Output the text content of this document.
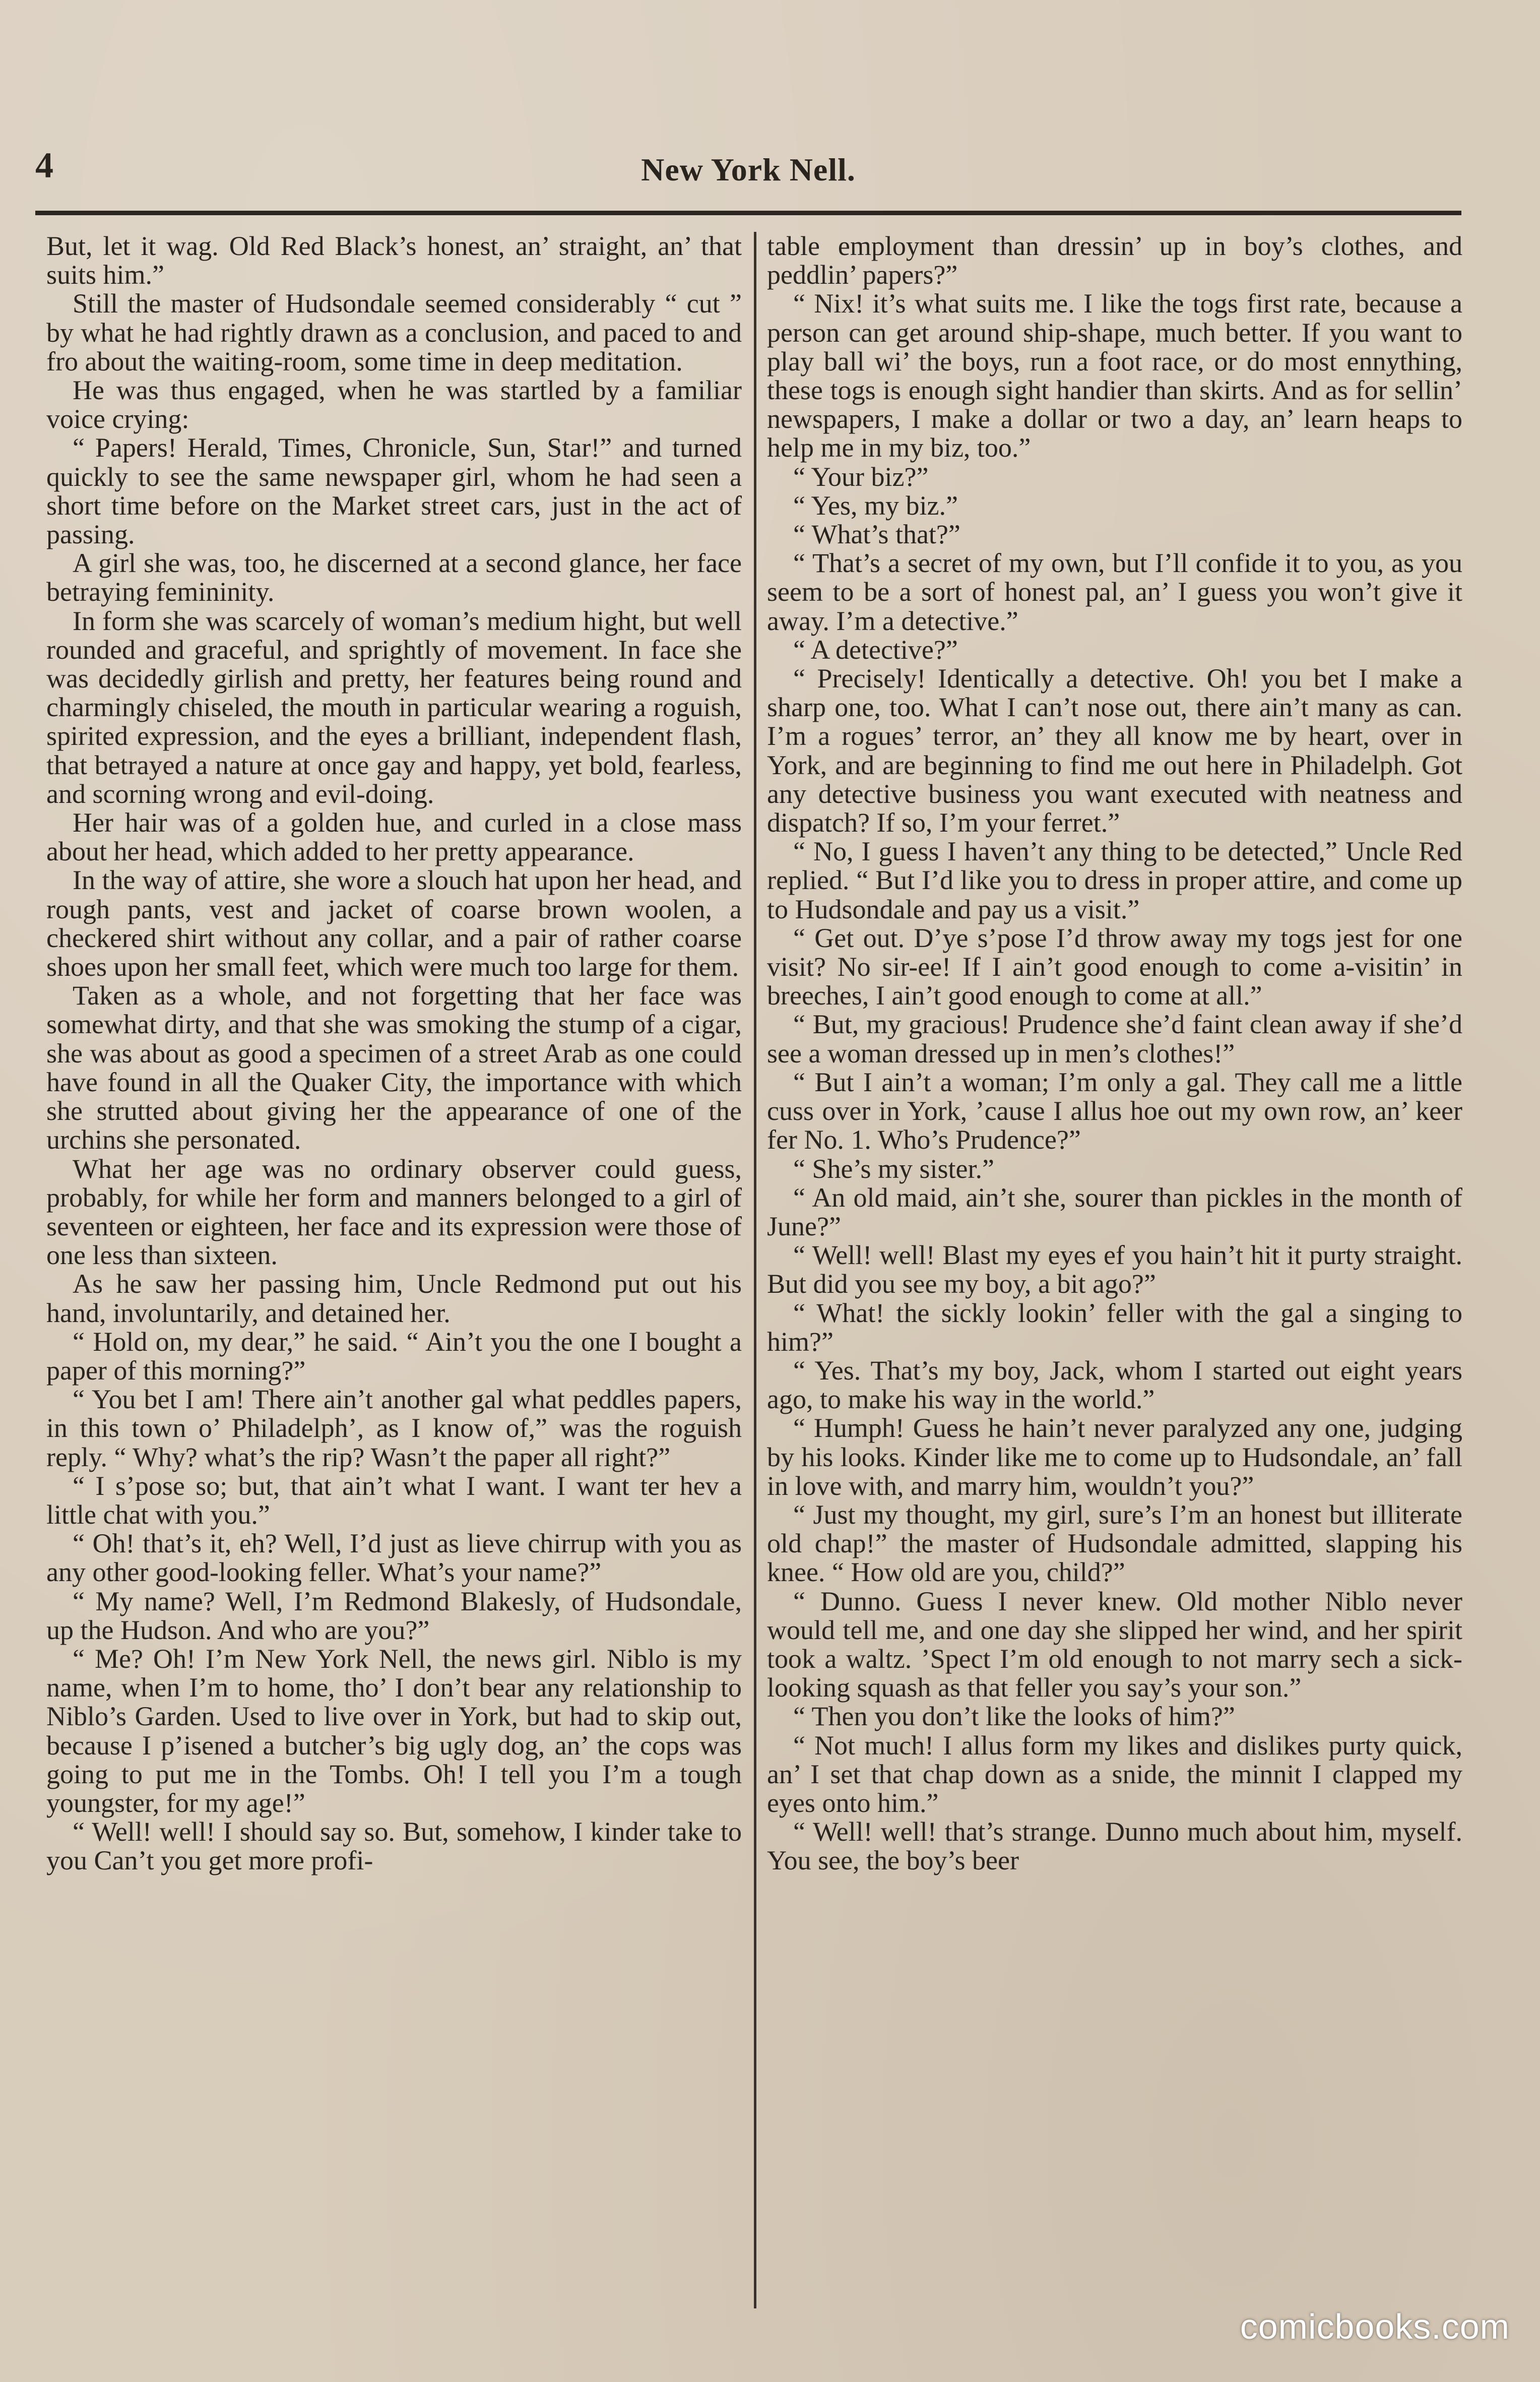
4	New York Nell.

But, let it wag. Old Red Black’s honest, an’ straight, an’ that suits him.”

Still the master of Hudsondale seemed considerably “ cut ” by what he had rightly drawn as a conclusion, and paced to and fro about the waiting-room, some time in deep meditation.

He was thus engaged, when he was startled by a familiar voice crying:

“ Papers! Herald, Times, Chronicle, Sun, Star!” and turned quickly to see the same newspaper girl, whom he had seen a short time before on the Market street cars, just in the act of passing.

A girl she was, too, he discerned at a second glance, her face betraying femininity.

In form she was scarcely of woman’s medium hight, but well rounded and graceful, and sprightly of movement. In face she was decidedly girlish and pretty, her features being round and charmingly chiseled, the mouth in particular wearing a roguish, spirited expression, and the eyes a brilliant, independent flash, that betrayed a nature at once gay and happy, yet bold, fearless, and scorning wrong and evil-doing.

Her hair was of a golden hue, and curled in a close mass about her head, which added to her pretty appearance.

In the way of attire, she wore a slouch hat upon her head, and rough pants, vest and jacket of coarse brown woolen, a checkered shirt without any collar, and a pair of rather coarse shoes upon her small feet, which were much too large for them.

Taken as a whole, and not forgetting that her face was somewhat dirty, and that she was smoking the stump of a cigar, she was about as good a specimen of a street Arab as one could have found in all the Quaker City, the importance with which she strutted about giving her the appearance of one of the urchins she personated.

What her age was no ordinary observer could guess, probably, for while her form and manners belonged to a girl of seventeen or eighteen, her face and its expression were those of one less than sixteen.

As he saw her passing him, Uncle Redmond put out his hand, involuntarily, and detained her.

“ Hold on, my dear,” he said. “ Ain’t you the one I bought a paper of this morning?”

“ You bet I am! There ain’t another gal what peddles papers, in this town o’ Philadelph’, as I know of,” was the roguish reply. “ Why? what’s the rip? Wasn’t the paper all right?”

“ I s’pose so; but, that ain’t what I want. I want ter hev a little chat with you.”

“ Oh! that’s it, eh? Well, I’d just as lieve chirrup with you as any other good-looking feller. What’s your name?”

“ My name? Well, I’m Redmond Blakesly, of Hudsondale, up the Hudson. And who are you?”

“ Me? Oh! I’m New York Nell, the news girl. Niblo is my name, when I’m to home, tho’ I don’t bear any relationship to Niblo’s Garden. Used to live over in York, but had to skip out, because I p’isened a butcher’s big ugly dog, an’ the cops was going to put me in the Tombs. Oh! I tell you I’m a tough youngster, for my age!”

“ Well! well! I should say so. But, somehow, I kinder take to you Can’t you get more profi-

table employment than dressin’ up in boy’s clothes, and peddlin’ papers?”

“ Nix! it’s what suits me. I like the togs first rate, because a person can get around ship-shape, much better. If you want to play ball wi’ the boys, run a foot race, or do most ennything, these togs is enough sight handier than skirts. And as for sellin’ newspapers, I make a dollar or two a day, an’ learn heaps to help me in my biz, too.”

“ Your biz?”

“ Yes, my biz.”

“ What’s that?”

“ That’s a secret of my own, but I’ll confide it to you, as you seem to be a sort of honest pal, an’ I guess you won’t give it away. I’m a detective.”

“ A detective?”

“ Precisely! Identically a detective. Oh! you bet I make a sharp one, too. What I can’t nose out, there ain’t many as can. I’m a rogues’ terror, an’ they all know me by heart, over in York, and are beginning to find me out here in Philadelph. Got any detective business you want executed with neatness and dispatch? If so, I’m your ferret.”

“ No, I guess I haven’t any thing to be detected,” Uncle Red replied. “ But I’d like you to dress in proper attire, and come up to Hudsondale and pay us a visit.”

“ Get out. D’ye s’pose I’d throw away my togs jest for one visit? No sir-ee! If I ain’t good enough to come a-visitin’ in breeches, I ain’t good enough to come at all.”

“ But, my gracious! Prudence she’d faint clean away if she’d see a woman dressed up in men’s clothes!”

“ But I ain’t a woman; I’m only a gal. They call me a little cuss over in York, ’cause I allus hoe out my own row, an’ keer fer No. 1. Who’s Prudence?”

“ She’s my sister.”

“ An old maid, ain’t she, sourer than pickles in the month of June?”

“ Well! well! Blast my eyes ef you hain’t hit it purty straight. But did you see my boy, a bit ago?”

“ What! the sickly lookin’ feller with the gal a singing to him?”

“ Yes. That’s my boy, Jack, whom I started out eight years ago, to make his way in the world.”

“ Humph! Guess he hain’t never paralyzed any one, judging by his looks. Kinder like me to come up to Hudsondale, an’ fall in love with, and marry him, wouldn’t you?”

“ Just my thought, my girl, sure’s I’m an honest but illiterate old chap!” the master of Hudsondale admitted, slapping his knee. “ How old are you, child?”

“ Dunno. Guess I never knew. Old mother Niblo never would tell me, and one day she slipped her wind, and her spirit took a waltz. ’Spect I’m old enough to not marry sech a sick-looking squash as that feller you say’s your son.”

“ Then you don’t like the looks of him?”

“ Not much! I allus form my likes and dislikes purty quick, an’ I set that chap down as a snide, the minnit I clapped my eyes onto him.”

“ Well! well! that’s strange. Dunno much about him, myself. You see, the boy’s beer

comicbooks.com
